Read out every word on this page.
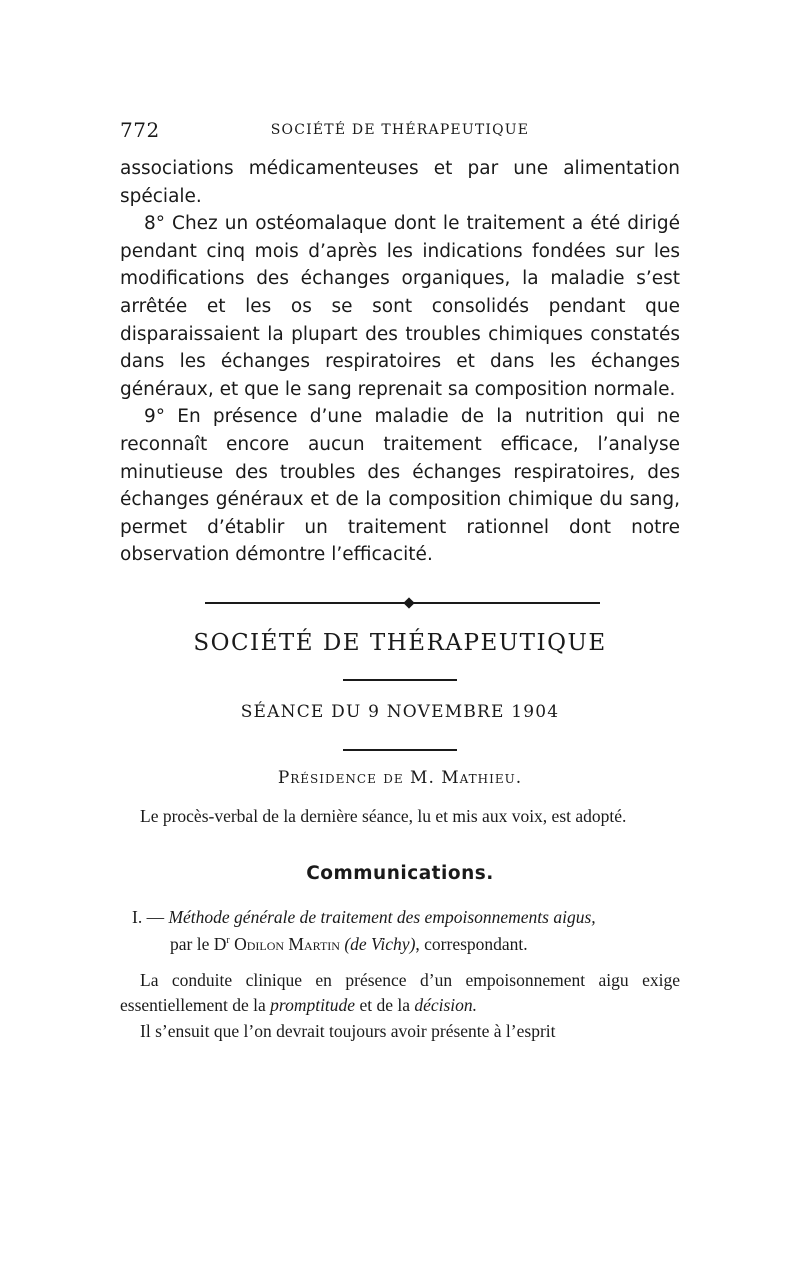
772	SOCIÉTÉ DE THÉRAPEUTIQUE

associations médicamenteuses et par une alimentation spéciale.

8° Chez un ostéomalaque dont le traitement a été dirigé pendant cinq mois d’après les indications fondées sur les modifications des échanges organiques, la maladie s’est arrêtée et les os se sont consolidés pendant que disparaissaient la plupart des troubles chimiques constatés dans les échanges respiratoires et dans les échanges généraux, et que le sang reprenait sa composition normale.

9° En présence d’une maladie de la nutrition qui ne reconnaît encore aucun traitement efficace, l’analyse minutieuse des troubles des échanges respiratoires, des échanges généraux et de la composition chimique du sang, permet d’établir un traitement rationnel dont notre observation démontre l’efficacité.

SOCIÉTÉ DE THÉRAPEUTIQUE
SÉANCE DU 9 NOVEMBRE 1904
Présidence de M. Mathieu.

Le procès-verbal de la dernière séance, lu et mis aux voix, est adopté.

Communications.
I. — Méthode générale de traitement des empoisonnements aigus,
par le $D^r$ Odilon Martin (de Vichy), correspondant.

La conduite clinique en présence d’un empoisonnement aigu exige essentiellement de la promptitude et de la décision.

Il s’ensuit que l’on devrait toujours avoir présente à l’esprit
